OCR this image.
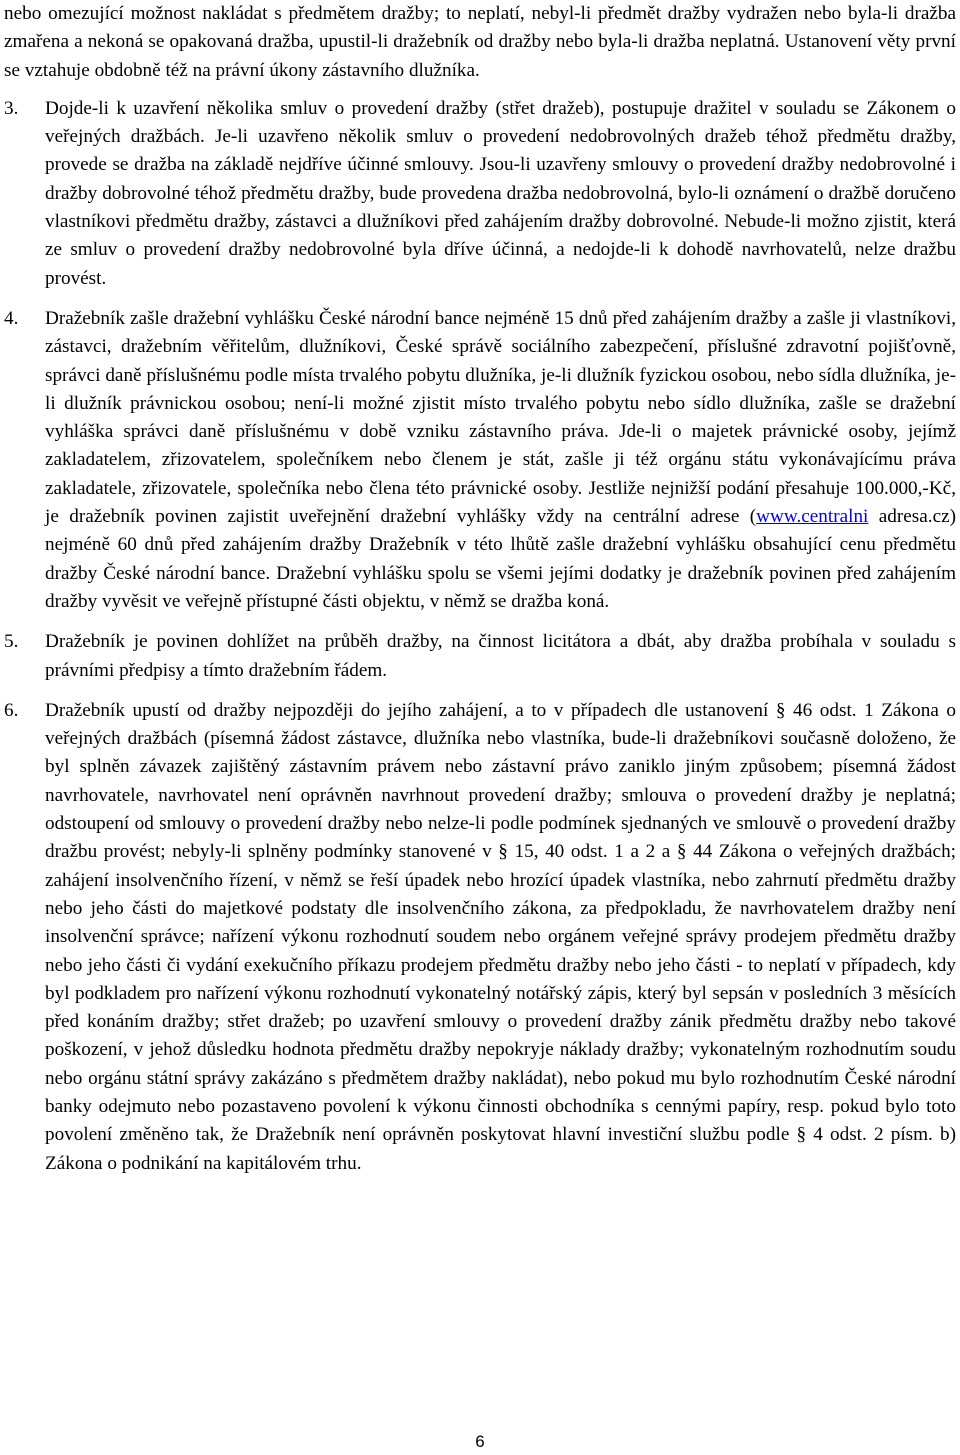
nebo omezující možnost nakládat s předmětem dražby; to neplatí, nebyl-li předmět dražby vydražen nebo byla-li dražba zmařena a nekoná se opakovaná dražba, upustil-li dražebník od dražby nebo byla-li dražba neplatná. Ustanovení věty první se vztahuje obdobně též na právní úkony zástavního dlužníka.

3.	Dojde-li k uzavření několika smluv o provedení dražby (střet dražeb), postupuje dražitel v souladu se Zákonem o veřejných dražbách. Je-li uzavřeno několik smluv o provedení nedobrovolných dražeb téhož předmětu dražby, provede se dražba na základě nejdříve účinné smlouvy. Jsou-li uzavřeny smlouvy o provedení dražby nedobrovolné i dražby dobrovolné téhož předmětu dražby, bude provedena dražba nedobrovolná, bylo-li oznámení o dražbě doručeno vlastníkovi předmětu dražby, zástavci a dlužníkovi před zahájením dražby dobrovolné. Nebude-li možno zjistit, která ze smluv o provedení dražby nedobrovolné byla dříve účinná, a nedojde-li k dohodě navrhovatelů, nelze dražbu provést.

4.	Dražebník zašle dražební vyhlášku České národní bance nejméně 15 dnů před zahájením dražby a zašle ji vlastníkovi, zástavci, dražebním věřitelům, dlužníkovi, České správě sociálního zabezpečení, příslušné zdravotní pojišťovně, správci daně příslušnému podle místa trvalého pobytu dlužníka, je-li dlužník fyzickou osobou, nebo sídla dlužníka, je-li dlužník právnickou osobou; není-li možné zjistit místo trvalého pobytu nebo sídlo dlužníka, zašle se dražební vyhláška správci daně příslušnému v době vzniku zástavního práva. Jde-li o majetek právnické osoby, jejímž zakladatelem, zřizovatelem, společníkem nebo členem je stát, zašle ji též orgánu státu vykonávajícímu práva zakladatele, zřizovatele, společníka nebo člena této právnické osoby. Jestliže nejnižší podání přesahuje 100.000,-Kč, je dražebník povinen zajistit uveřejnění dražební vyhlášky vždy na centrální adrese (www.centralni adresa.cz) nejméně 60 dnů před zahájením dražby Dražebník v této lhůtě zašle dražební vyhlášku obsahující cenu předmětu dražby České národní bance. Dražební vyhlášku spolu se všemi jejími dodatky je dražebník povinen před zahájením dražby vyvěsit ve veřejně přístupné části objektu, v němž se dražba koná.

5.	Dražebník je povinen dohlížet na průběh dražby, na činnost licitátora a dbát, aby dražba probíhala v souladu s právními předpisy a tímto dražebním řádem.

6.	Dražebník upustí od dražby nejpozději do jejího zahájení, a to v případech dle ustanovení § 46 odst. 1 Zákona o veřejných dražbách (písemná žádost zástavce, dlužníka nebo vlastníka, bude-li dražebníkovi současně doloženo, že byl splněn závazek zajištěný zástavním právem nebo zástavní právo zaniklo jiným způsobem; písemná žádost navrhovatele, navrhovatel není oprávněn navrhnout provedení dražby; smlouva o provedení dražby je neplatná; odstoupení od smlouvy o provedení dražby nebo nelze-li podle podmínek sjednaných ve smlouvě o provedení dražby dražbu provést; nebyly-li splněny podmínky stanovené v § 15, 40 odst. 1 a 2 a § 44 Zákona o veřejných dražbách; zahájení insolvenčního řízení, v němž se řeší úpadek nebo hrozící úpadek vlastníka, nebo zahrnutí předmětu dražby nebo jeho části do majetkové podstaty dle insolvenčního zákona, za předpokladu, že navrhovatelem dražby není insolvenční správce; nařízení výkonu rozhodnutí soudem nebo orgánem veřejné správy prodejem předmětu dražby nebo jeho části či vydání exekučního příkazu prodejem předmětu dražby nebo jeho části - to neplatí v případech, kdy byl podkladem pro nařízení výkonu rozhodnutí vykonatelný notářský zápis, který byl sepsán v posledních 3 měsících před konáním dražby; střet dražeb; po uzavření smlouvy o provedení dražby zánik předmětu dražby nebo takové poškození, v jehož důsledku hodnota předmětu dražby nepokryje náklady dražby; vykonatelným rozhodnutím soudu nebo orgánu státní správy zakázáno s předmětem dražby nakládat), nebo pokud mu bylo rozhodnutím České národní banky odejmuto nebo pozastaveno povolení k výkonu činnosti obchodníka s cennými papíry, resp. pokud bylo toto povolení změněno tak, že Dražebník není oprávněn poskytovat hlavní investiční službu podle § 4 odst. 2 písm. b) Zákona o podnikání na kapitálovém trhu.

6
